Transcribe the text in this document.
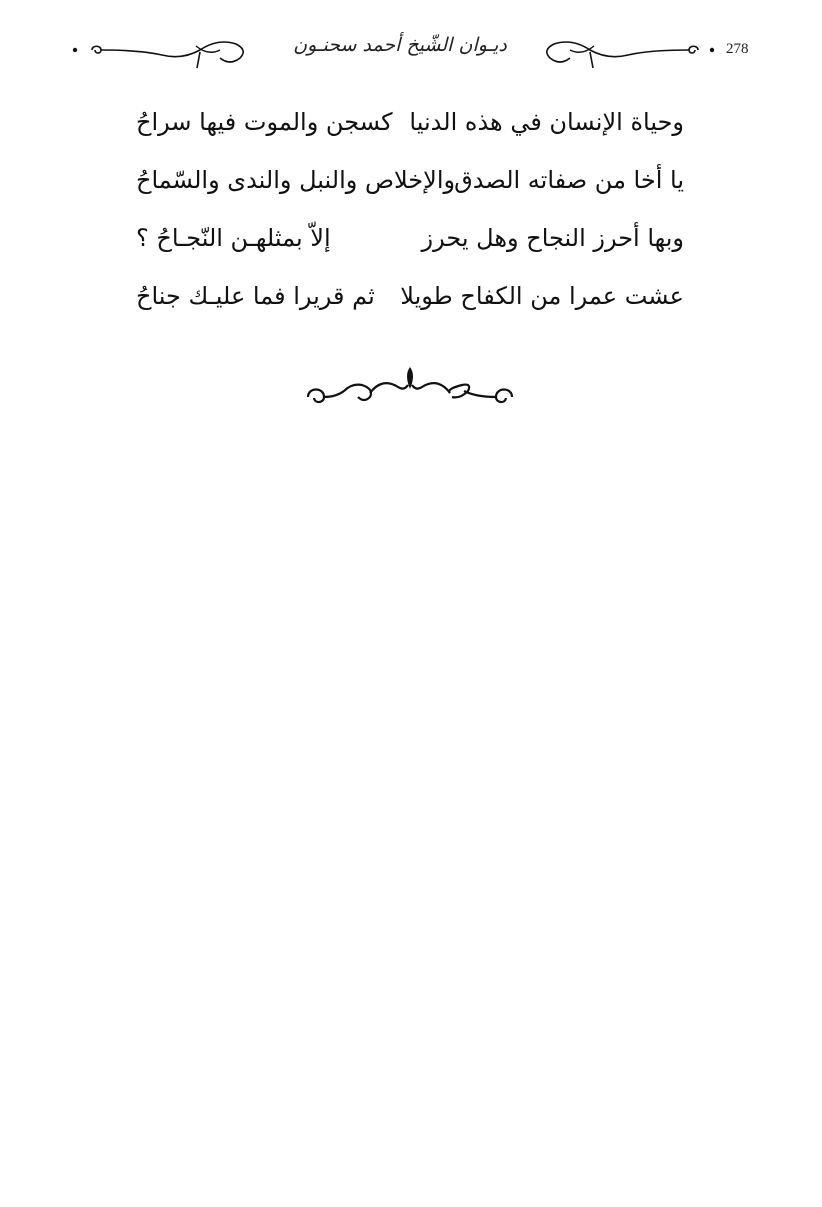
ديـوان الشّيخ أحمد سحنـون	278
وحياة الإنسان في هذه الدنيا
كسجن والموت فيها سراحُ
يا أخا من صفاته الصدق
والإخلاص والنبل والندى والسّماحُ
وبها أحرز النجاح وهل يحرز
إلاّ بمثلهـن النّجـاحُ ؟
عشت عمرا من الكفاح طويلا
ثم قريرا فما عليـك جناحُ
